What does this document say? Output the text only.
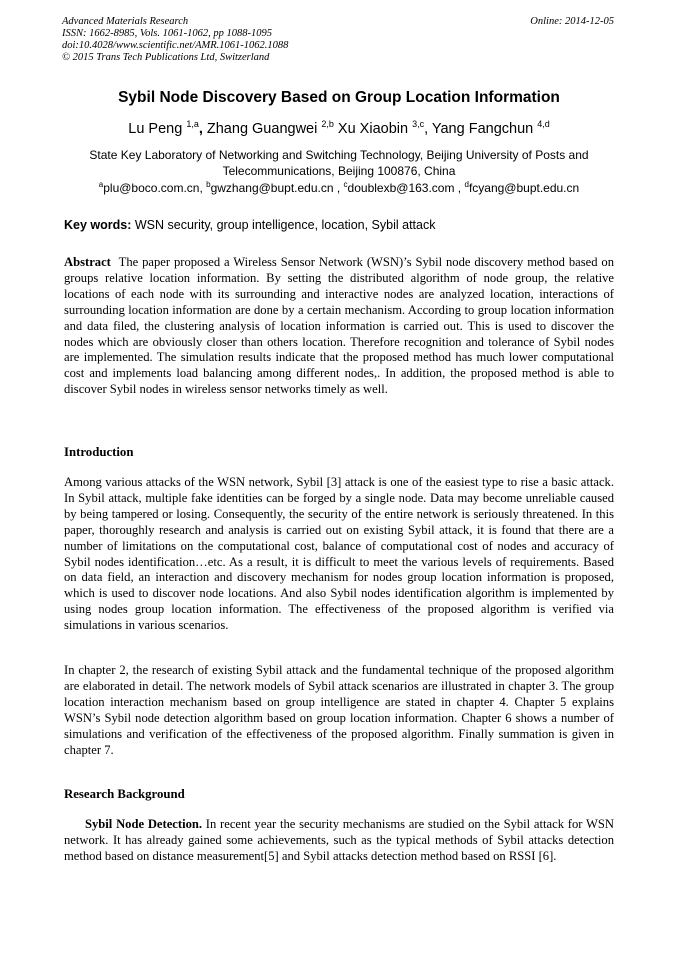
Advanced Materials Research
ISSN: 1662-8985, Vols. 1061-1062, pp 1088-1095
doi:10.4028/www.scientific.net/AMR.1061-1062.1088
© 2015 Trans Tech Publications Ltd, Switzerland
Online: 2014-12-05
Sybil Node Discovery Based on Group Location Information
Lu Peng $^{1,a}$, Zhang Guangwei $^{2,b}$ Xu Xiaobin $^{3,c}$, Yang Fangchun $^{4,d}$
State Key Laboratory of Networking and Switching Technology, Beijing University of Posts and Telecommunications, Beijing 100876, China
$^a$plu@boco.com.cn, $^b$gwzhang@bupt.edu.cn , $^c$doublexb@163.com , $^d$fcyang@bupt.edu.cn
Key words: WSN security, group intelligence, location, Sybil attack
Abstract The paper proposed a Wireless Sensor Network (WSN)’s Sybil node discovery method based on groups relative location information. By setting the distributed algorithm of node group, the relative locations of each node with its surrounding and interactive nodes are analyzed location, interactions of surrounding location information are done by a certain mechanism. According to group location information and data filed, the clustering analysis of location information is carried out. This is used to discover the nodes which are obviously closer than others location. Therefore recognition and tolerance of Sybil nodes are implemented. The simulation results indicate that the proposed method has much lower computational cost and implements load balancing among different nodes,. In addition, the proposed method is able to discover Sybil nodes in wireless sensor networks timely as well.
Introduction
Among various attacks of the WSN network, Sybil [3] attack is one of the easiest type to rise a basic attack. In Sybil attack, multiple fake identities can be forged by a single node. Data may become unreliable caused by being tampered or losing. Consequently, the security of the entire network is seriously threatened. In this paper, thoroughly research and analysis is carried out on existing Sybil attack, it is found that there are a number of limitations on the computational cost, balance of computational cost of nodes and accuracy of Sybil nodes identification…etc. As a result, it is difficult to meet the various levels of requirements. Based on data field, an interaction and discovery mechanism for nodes group location information is proposed, which is used to discover node locations. And also Sybil nodes identification algorithm is implemented by using nodes group location information. The effectiveness of the proposed algorithm is verified via simulations in various scenarios.
In chapter 2, the research of existing Sybil attack and the fundamental technique of the proposed algorithm are elaborated in detail. The network models of Sybil attack scenarios are illustrated in chapter 3. The group location interaction mechanism based on group intelligence are stated in chapter 4. Chapter 5 explains WSN’s Sybil node detection algorithm based on group location information. Chapter 6 shows a number of simulations and verification of the effectiveness of the proposed algorithm. Finally summation is given in chapter 7.
Research Background
Sybil Node Detection. In recent year the security mechanisms are studied on the Sybil attack for WSN network. It has already gained some achievements, such as the typical methods of Sybil attacks detection method based on distance measurement[5] and Sybil attacks detection method based on RSSI [6].
